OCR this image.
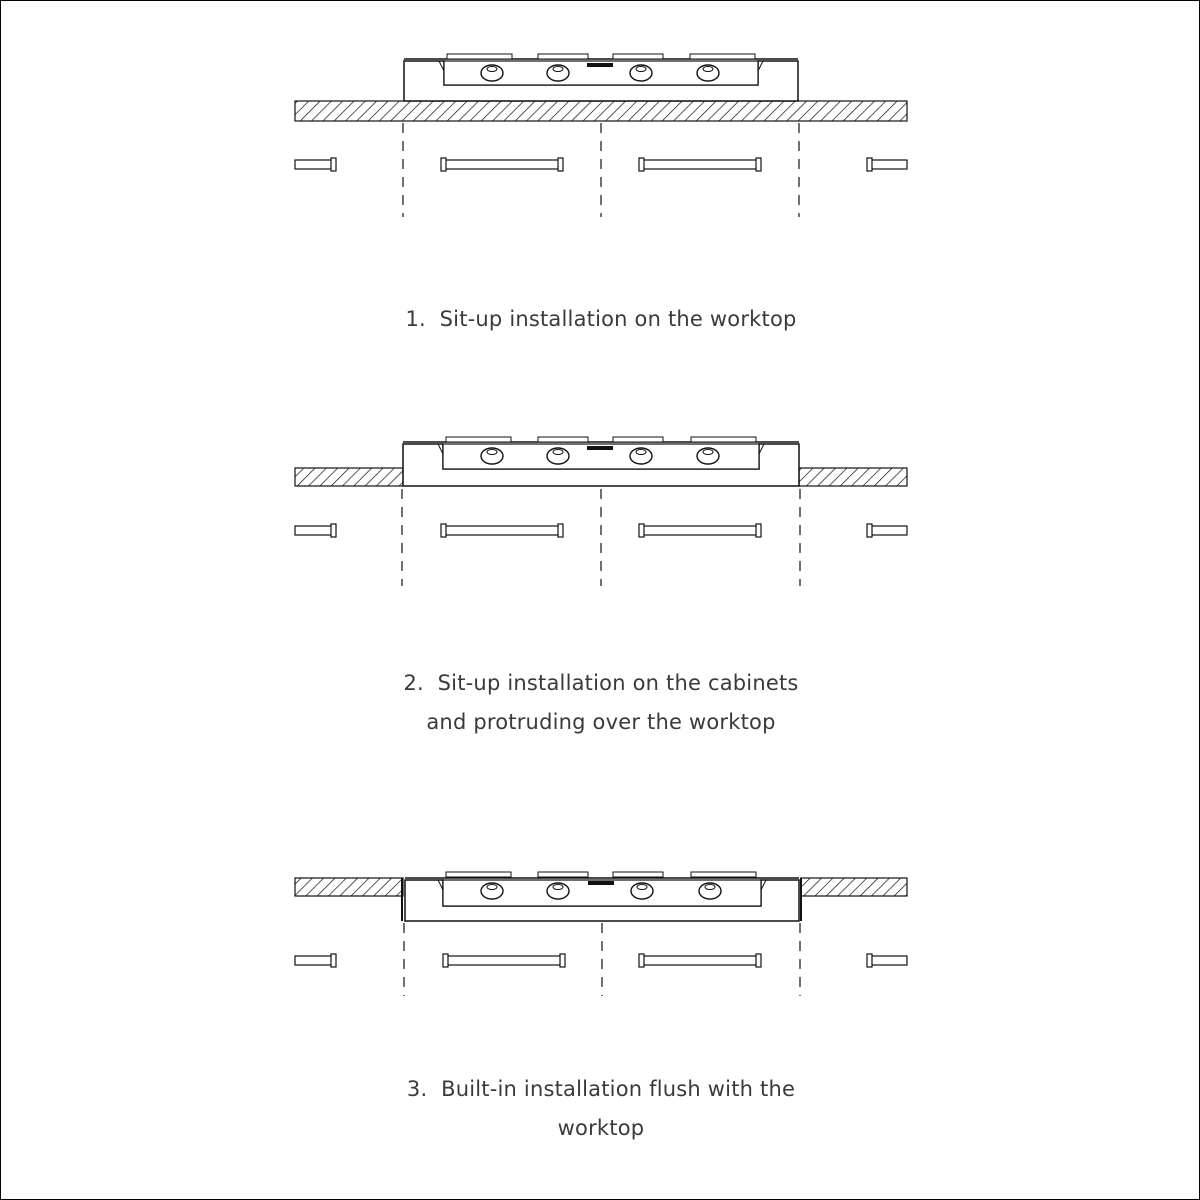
1.  Sit-up installation on the worktop
2.  Sit-up installation on the cabinets
and protruding over the worktop
3.  Built-in installation flush with the
worktop
